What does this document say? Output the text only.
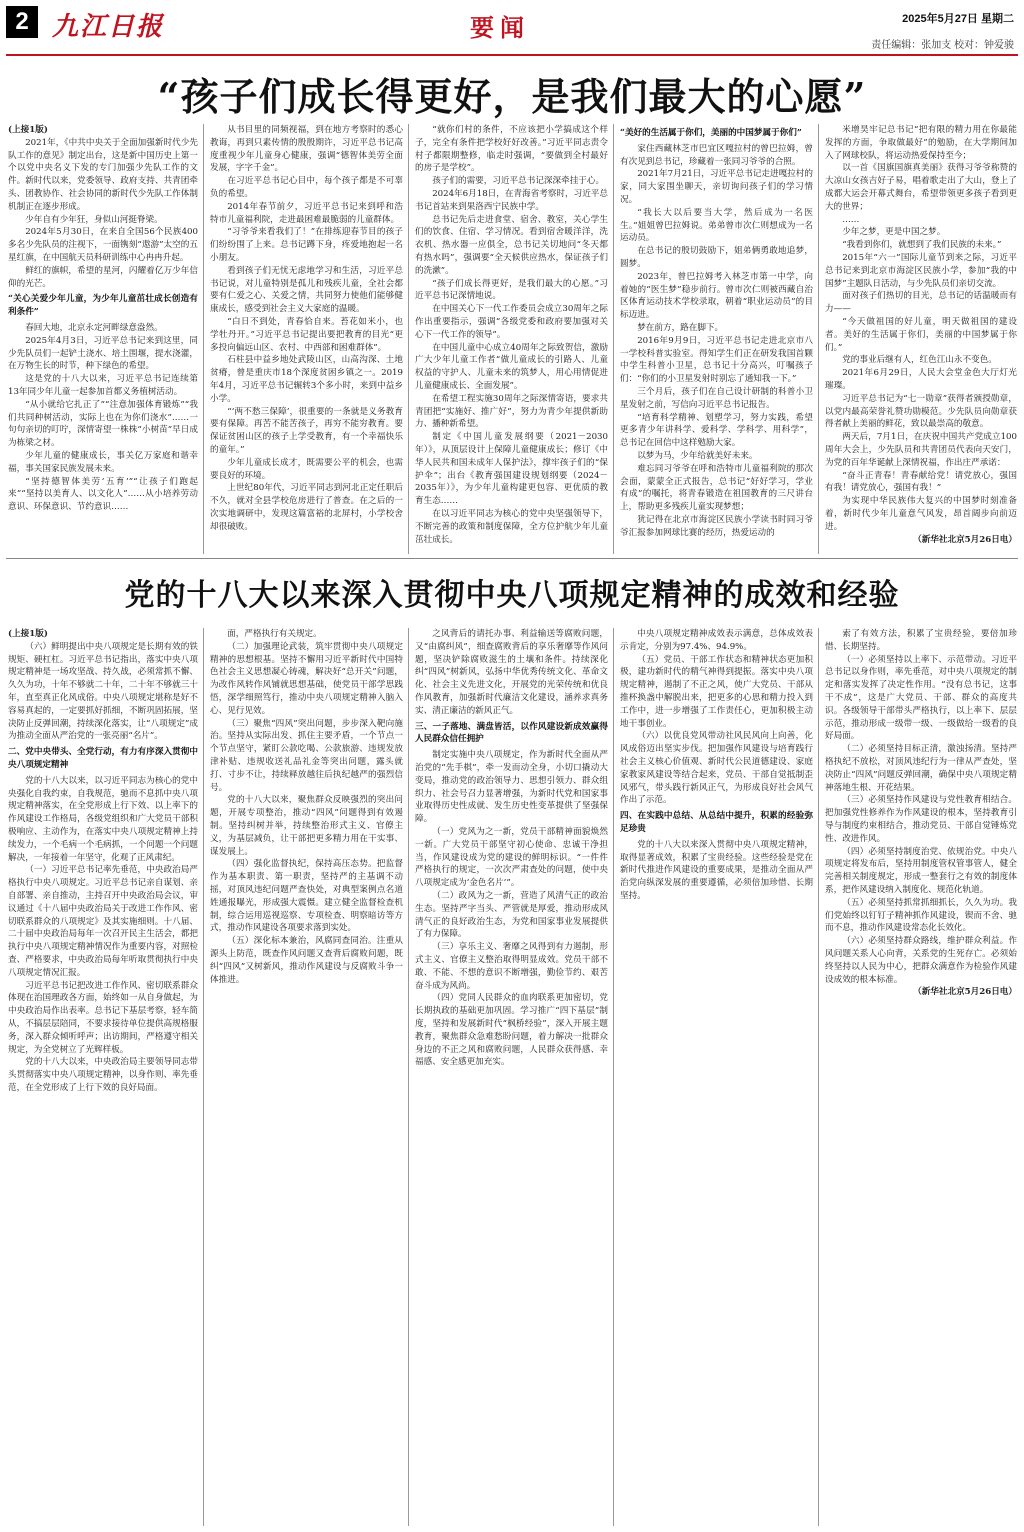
2 九江日报	要闻	2025年5月27日 星期二
责任编辑：张加支 校对：钟爱骏
“孩子们成长得更好，是我们最大的心愿”

(上接1版)

2021年，《中共中央关于全面加强新时代少先队工作的意见》制定出台，这是新中国历史上第一个以党中央名义下发的专门加强少先队工作的文件。新时代以来，党委领导、政府支持、共青团牵头、团教协作、社会协同的新时代少先队工作体制机制正在逐步形成。

少年自有少年狂，身似山河挺脊梁。

2024年5月30日，在来自全国56个民族400多名少先队员的注视下，一面镌刻“遨游”太空的五星红旗，在中国航天员科研训练中心冉冉升起。

鲜红的旗帜，希望的星河，闪耀着亿万少年信仰的光芒。

“关心关爱少年儿童，为少年儿童茁壮成长创造有利条件”

春回大地，北京永定河畔绿意盎然。

2025年4月3日，习近平总书记来到这里，同少先队员们一起铲土浇水、培土围堰，提水浇灌，在万物生长的时节，种下绿色的希望。

这是党的十八大以来，习近平总书记连续第13年同少年儿童一起参加首都义务植树活动。

“从小就给它扎正了”“注意加强体育锻炼”“我们共同种树活动，实际上也在为你们浇水”……一句句亲切的叮咛，深情寄望一株株“小树苗”早日成为栋梁之材。

少年儿童的健康成长，事关亿万家庭和谐幸福，事关国家民族发展未来。

“坚持德智体美劳‘五育’”“让孩子们跑起来”“坚持以美育人、以文化人”……从小培养劳动意识、环保意识、节约意识……

从书目里的同频视福，到在地方考察时的悉心教诲，再到只素传情的殷殷期许，习近平总书记高度重视少年儿童身心健康，强调“德智体美劳全面发展，字字千金”。

在习近平总书记心目中，每个孩子都是不可辜负的希望。

2014年春节前夕，习近平总书记来到呼和浩特市儿童福利院，走进最困难最脆弱的儿童群体。

“习爷爷来看我们了！”在排练迎春节目的孩子们纷纷围了上来。总书记蹲下身，疼爱地抱起一名小朋友。

看到孩子们无忧无虑地学习和生活，习近平总书记说，对儿童特别是孤儿和残疾儿童，全社会都要有仁爱之心、关爱之情，共同努力使他们能够健康成长，感受到社会主义大家庭的温暖。

“白日不到处，青春恰自来。苔花如米小，也学牡丹开。”习近平总书记提出要把教育的目光“更多投向偏远山区、农村、中西部和困难群体”。

石柱县中益乡地处武陵山区，山高沟深、土地贫瘠，曾是重庆市18个深度贫困乡镇之一。2019年4月，习近平总书记辗转3个多小时，来到中益乡小学。

“‘两不愁三保障’，很重要的一条就是义务教育要有保障。再苦不能苦孩子，再穷不能穷教育。要保证贫困山区的孩子上学受教育，有一个幸福快乐的童年。”

少年儿童成长成才，既需要公平的机会，也需要良好的环境。

上世纪80年代，习近平同志到河北正定任职后不久，就对全县学校危房进行了普查。在之后的一次实地调研中，发现这篇富裕的北屏村，小学校舍却很破败。

“就你们村的条件，不应该把小学搞成这个样子，完全有条件把学校好好改善。”习近平同志责令村子都限期整修，临走时强调，“要做到全村最好的房子是学校”。

孩子们的需要，习近平总书记深深牵挂于心。

2024年6月18日，在青海省考察时，习近平总书记首站来到果洛西宁民族中学。

总书记先后走进食堂、宿舍、教室，关心学生们的饮食、住宿、学习情况。看到宿舍暖洋洋，洗衣机、热水器一应俱全，总书记关切地问“冬天都有热水吗”，强调要“全天候供应热水，保证孩子们的洗漱”。

“孩子们成长得更好，是我们最大的心愿。”习近平总书记深情地说。

在中国关心下一代工作委员会成立30周年之际作出重要指示，强调“各级党委和政府要加强对关心下一代工作的领导”。

在中国儿童中心成立40周年之际致贺信，激励广大少年儿童工作者“做儿童成长的引路人、儿童权益的守护人、儿童未来的筑梦人，用心用情促进儿童健康成长、全面发展”。

在希望工程实施30周年之际深情寄语，要求共青团把“实施好、推广好”，努力为青少年提供新助力、播种新希望。

制定《中国儿童发展纲要（2021－2030年）》，从顶层设计上保障儿童健康成长；修订《中华人民共和国未成年人保护法》，撑牢孩子们的“保护伞”；出台《教育强国建设规划纲要（2024－2035年）》，为少年儿童构建更包容、更优质的教育生态……

在以习近平同志为核心的党中央坚强领导下，不断完善的政策和制度保障，全方位护航少年儿童茁壮成长。

“美好的生活属于你们，美丽的中国梦属于你们”

家住西藏林芝市巴宜区嘎拉村的曾巴拉姆，曾有次见到总书记，珍藏着一张同习爷爷的合照。

2021年7月21日，习近平总书记走进嘎拉村的家，同大家围坐聊天，亲切询问孩子们的学习情况。

“我长大以后要当大学，然后成为一名医生。”姐姐曾巴拉姆说。弟弟曾市次仁则想成为一名运动员。

在总书记的殷切鼓励下，姐弟俩勇敢地追梦，圆梦。

2023年，曾巴拉姆考入林芝市第一中学，向着她的“医生梦”稳步前行。曾市次仁则被西藏自治区体育运动技术学校录取，朝着“职业运动员”的目标迈进。

梦在前方，路在脚下。

2016年9月9日，习近平总书记走进北京市八一学校科普实验室。得知学生们正在研发我国首颗中学生科普小卫星，总书记十分高兴，叮嘱孩子们：“你们的小卫星发射时别忘了通知我一下。”

三个月后，孩子们在自己设计研制的科普小卫星发射之前，写信向习近平总书记报告。

“培育科学精神、划塑学习，努力实践，希望更多青少年讲科学、爱科学、学科学、用科学”，总书记在回信中这样勉励大家。

以梦为马，少年给就美好未来。

难忘同习爷爷在呼和浩特市儿童福利院的那次会面，蒙蒙全正式报告，总书记“好好学习，学业有成”的嘱托，将青春锻造在祖国教育的三尺讲台上，帮助更多残疾儿童实现梦想；

犹记得在北京市海淀区民族小学读书时同习爷爷汇报参加网球比赛的经历，热爱运动的

米增昊牢记总书记“把有限的精力用在你最能发挥的方面，争取做最好”的勉励，在大学期间加入了网球校队，将运动热爱保持至今；

以一首《国旗国旗真美丽》获得习爷爷称赞的大凉山女孩吉好子易，唱着歌走出了大山，登上了成都大运会开幕式舞台，希望带领更多孩子看到更大的世界；

……

少年之梦，更是中国之梦。

“我看到你们，就想到了我们民族的未来。”

2015年“六一”国际儿童节到来之际，习近平总书记来到北京市海淀区民族小学，参加“我的中国梦”主题队日活动，与少先队员们亲切交流。

面对孩子们热切的目光，总书记的话温暖而有力——

“今天做祖国的好儿童，明天做祖国的建设者。美好的生活属于你们，美丽的中国梦属于你们。”

党的事业后继有人，红色江山永不变色。

2021年6月29日，人民大会堂金色大厅灯光璀璨。

习近平总书记为“七一勋章”获得者颁授勋章，以党内最高荣誉礼赞功勋模范。少先队员向勋章获得者献上美丽的鲜花，致以最崇高的敬意。

两天后，7月1日，在庆祝中国共产党成立100周年大会上，少先队员和共青团员代表向天安门，为党的百年华诞献上深情祝福，作出庄严承诺：

“奋斗正青春！青春献给党！请党放心，强国有我！请党放心，强国有我！”

为实现中华民族伟大复兴的中国梦时刻准备着，新时代少年儿童意气风发，昂首阔步向前迈进。

（新华社北京5月26日电）

党的十八大以来深入贯彻中央八项规定精神的成效和经验

(上接1版)

（六）鲜明提出中央八项规定是长期有效的铁规矩、硬杠杠。习近平总书记指出，落实中央八项规定精神是一场攻坚战、持久战，必须常抓不懈、久久为功，十年不够就二十年，二十年不够就三十年，直至真正化风成俗。中央八项规定堪称是好不容易真起的，一定要抓好抓细，不断巩固拓展，坚决防止反弹回潮，持续深化落实，让“八项规定”成为推动全面从严治党的一张亮丽“名片”。

二、党中央带头、全党行动，有力有序深入贯彻中央八项规定精神

党的十八大以来，以习近平同志为核心的党中央强化自我约束，自我规范，驰而不息抓中央八项规定精神落实，在全党形成上行下效、以上率下的作风建设工作格局，各级党组织和广大党员干部积极响应、主动作为，在落实中央八项规定精神上持续发力，一个毛病一个毛病抓，一个问题一个问题解决，一年接着一年坚守，化观了正风肃纪。

（一）习近平总书记率先垂范，中央政治局严格执行中央八项规定。习近平总书记亲自谋划、亲自部署、亲自推动，主持召开中央政治局会议，审议通过《十八届中央政治局关于改进工作作风、密切联系群众的八项规定》及其实施细则。十八届、二十届中央政治局每年一次召开民主生活会，都把执行中央八项规定精神情况作为重要内容，对照检查、严格要求，中央政治局每年听取贯彻执行中央八项规定情况汇报。

习近平总书记把改进工作作风、密切联系群众体现在治国理政各方面，始终如一从自身做起，为中央政治局作出表率。总书记下基层考察，轻车简从，不搞层层陪同，不要求接待单位提供高规格服务，深入群众倾听呼声；出访期间，严格遵守相关规定，为全党树立了光辉样板。

党的十八大以来，中央政治局主要领导同志带头贯彻落实中央八项规定精神，以身作则、率先垂范，在全党形成了上行下效的良好局面。

面，严格执行有关规定。

（二）加强理论武装，筑牢贯彻中央八项规定精神的思想根基。坚持不懈用习近平新时代中国特色社会主义思想凝心铸魂，解决好“总开关”问题，为改作风转作风铺就思想基础，使党员干部学思践悟，深学细照笃行，推动中央八项规定精神入脑入心、见行见效。

（三）聚焦“四风”突出问题，步步深入靶向施治。坚持从实际出发、抓住主要矛盾，一个节点一个节点坚守，紧盯公款吃喝、公款旅游、违规发放津补贴、违规收送礼品礼金等突出问题，露头就打、寸步不让，持续释放越往后执纪越严的强烈信号。

党的十八大以来，聚焦群众反映强烈的突出问题，开展专项整治，推动“四风”问题得到有效遏制。坚持纠树并举，持续整治形式主义、官僚主义，为基层减负，让干部把更多精力用在干实事、谋发展上。

（四）强化监督执纪，保持高压态势。把监督作为基本职责、第一职责，坚持严的主基调不动摇，对顶风违纪问题严查快处，对典型案例点名道姓通报曝光，形成强大震慑。建立健全监督检查机制，综合运用巡视巡察、专项检查、明察暗访等方式，推动作风建设各项要求落到实处。

（五）深化标本兼治，风腐同查同治。注重从源头上防范，既查作风问题又查背后腐败问题，既纠“四风”又树新风，推动作风建设与反腐败斗争一体推进。

之风背后的请托办事、利益输送等腐败问题，又“由腐纠风”，细查腐败背后的享乐奢靡等作风问题，坚决铲除腐败滋生的土壤和条件。持续深化纠“四风”树新风，弘扬中华优秀传统文化、革命文化、社会主义先进文化，开展党的光荣传统和优良作风教育，加强新时代廉洁文化建设，涵养求真务实、清正廉洁的新风正气。

三、一子落地、满盘皆活，以作风建设新成效赢得人民群众信任拥护

制定实施中央八项规定，作为新时代全面从严治党的“先手棋”，牵一发而动全身，小切口撬动大变局，推动党的政治领导力、思想引领力、群众组织力、社会号召力显著增强，为新时代党和国家事业取得历史性成就、发生历史性变革提供了坚强保障。

（一）党风为之一新，党员干部精神面貌焕然一新。广大党员干部坚守初心使命、忠诚干净担当，作风建设成为党的建设的鲜明标识。“一件件严格执行的规定，一次次严肃查处的问题，使中央八项规定成为‘金色名片’”。

（二）政风为之一新，营造了风清气正的政治生态。坚持严字当头、严管就是厚爱，推动形成风清气正的良好政治生态，为党和国家事业发展提供了有力保障。

（三）享乐主义、奢靡之风得到有力遏制，形式主义、官僚主义整治取得明显成效。党员干部不敢、不能、不想的意识不断增强，勤俭节约、艰苦奋斗成为风尚。

（四）党同人民群众的血肉联系更加密切，党长期执政的基础更加巩固。学习推广“四下基层”制度，坚持和发展新时代“枫桥经验”，深入开展主题教育，聚焦群众急难愁盼问题，着力解决一批群众身边的不正之风和腐败问题，人民群众获得感、幸福感、安全感更加充实。

中央八项规定精神成效表示满意，总体成效表示肯定，分别为97.4%、94.9%。

（五）党员、干部工作状态和精神状态更加积极，建功新时代的精气神得到提振。落实中央八项规定精神，遏制了不正之风，使广大党员、干部从推杯换盏中解脱出来，把更多的心思和精力投入到工作中，进一步增强了工作责任心，更加积极主动地干事创业。

（六）以优良党风带动社风民风向上向善，化风成俗迈出坚实步伐。把加强作风建设与培育践行社会主义核心价值观、新时代公民道德建设、家庭家教家风建设等结合起来，党员、干部自觉抵制歪风邪气，带头践行新风正气，为形成良好社会风气作出了示范。

四、在实践中总结、从总结中提升，积累的经验弥足珍贵

党的十八大以来深入贯彻中央八项规定精神，取得显著成效，积累了宝贵经验。这些经验是党在新时代推进作风建设的重要成果，是推动全面从严治党向纵深发展的重要遵循，必须倍加珍惜、长期坚持。

索了有效方法，积累了宝贵经验，要倍加珍惜、长期坚持。

（一）必须坚持以上率下、示范带动。习近平总书记以身作则，率先垂范，对中央八项规定的制定和落实发挥了决定性作用。“没有总书记，这事干不成”，这是广大党员、干部、群众的高度共识。各级领导干部带头严格执行，以上率下、层层示范，推动形成一级带一级、一级做给一级看的良好局面。

（二）必须坚持目标正清，激浊扬清。坚持严格执纪不放松，对顶风违纪行为一律从严查处，坚决防止“四风”问题反弹回潮，确保中央八项规定精神落地生根、开花结果。

（三）必须坚持作风建设与党性教育相结合。把加强党性修养作为作风建设的根本，坚持教育引导与制度约束相结合，推动党员、干部自觉锤炼党性、改进作风。

（四）必须坚持制度治党、依规治党。中央八项规定将发布后，坚持用制度管权管事管人，健全完善相关制度规定，形成一整套行之有效的制度体系，把作风建设纳入制度化、规范化轨道。

（五）必须坚持抓常抓细抓长，久久为功。我们党始终以钉钉子精神抓作风建设，锲而不舍、驰而不息，推动作风建设常态化长效化。

（六）必须坚持群众路线，维护群众利益。作风问题关系人心向背，关系党的生死存亡。必须始终坚持以人民为中心，把群众满意作为检验作风建设成效的根本标准。

（新华社北京5月26日电）
